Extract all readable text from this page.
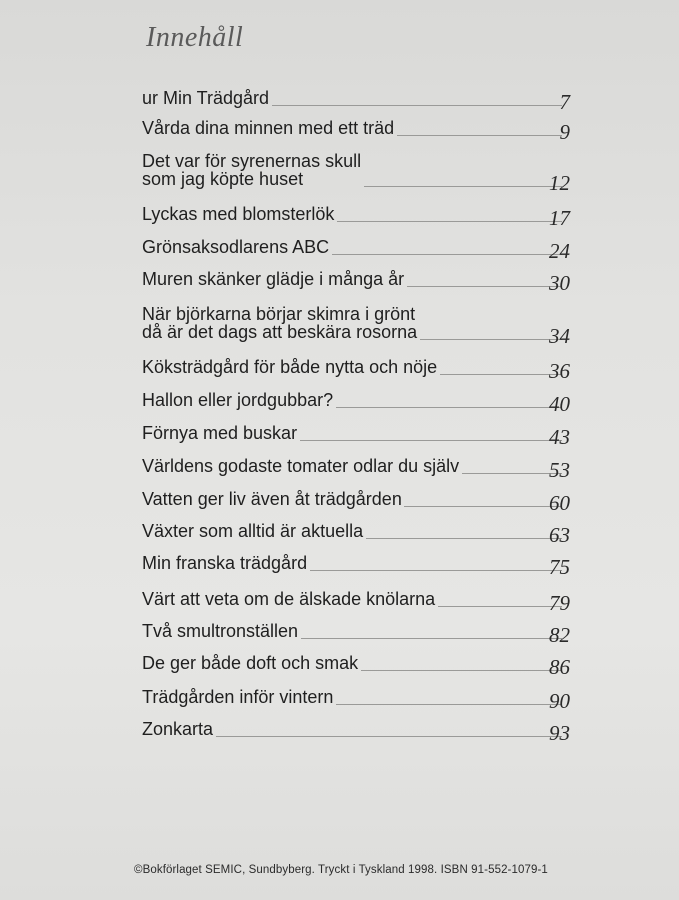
Innehåll
ur Min Trädgård	7
Vårda dina minnen med ett träd	9
Det var för syrenernas skull
som jag köpte huset	12
Lyckas med blomsterlök	17
Grönsaksodlarens ABC	24
Muren skänker glädje i många år	30
När björkarna börjar skimra i grönt
då är det dags att beskära rosorna	34
Köksträdgård för både nytta och nöje	36
Hallon eller jordgubbar?	40
Förnya med buskar	43
Världens godaste tomater odlar du själv	53
Vatten ger liv även åt trädgården	60
Växter som alltid är aktuella	63
Min franska trädgård	75
Värt att veta om de älskade knölarna	79
Två smultronställen	82
De ger både doft och smak	86
Trädgården inför vintern	90
Zonkarta	93
©Bokförlaget SEMIC, Sundbyberg. Tryckt i Tyskland 1998. ISBN 91-552-1079-1
